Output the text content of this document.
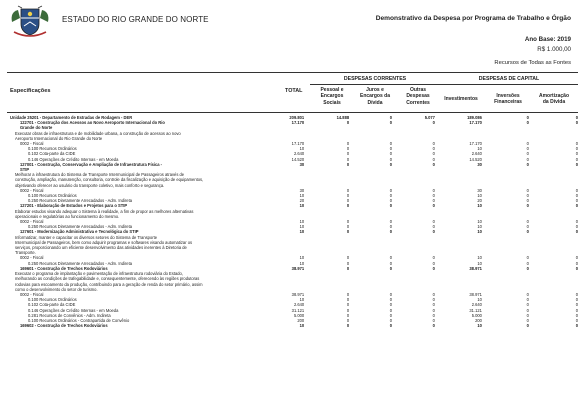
ESTADO DO RIO GRANDE DO NORTE	Demonstrativo da Despesa por Programa de Trabalho e Órgão
Ano Base: 2019
R$ 1.000,00
Recursos de Todas as Fontes
DESPESAS CORRENTES	DESPESAS DE CAPITAL
Especificações	TOTAL	Pessoal e
Encargos
Sociais
Juros e
Encargos da
Dívida
Outras
Despesas
Correntes
Investimentos	Inversões
Financeiras
Amortização
da Dívida
Unidade 25201 - Departamento de Estradas de Rodagem - DER	209.801	14.888	0	5.077	189.086	0	0
122701 - Construção dos Acessos ao Novo Aeroporto Internacional do Rio	17.170	0	0	0	17.170	0	0
Grande do Norte							
Executar obras de infraestrutura e de mobilidade urbana, a construção de acessos ao novo							
Aeroporto Internacional do Rio Grande do Norte							
0002 - Fiscal	17.170	0	0	0	17.170	0	0
0.100 Recursos Ordinários	10	0	0	0	10	0	0
0.102 Cota-parte da CIDE	2.640	0	0	0	2.640	0	0
0.146 Operações de Crédito Internas - em Moeda	14.520	0	0	0	14.520	0	0
127001 - Construção, Conservação e Ampliação de Infraestrutura Física -	30	0	0	0	30	0	0
STIP							
Melhorar a infraestrutura do Sistema de Transporte Intermunicipal de Passageiros através de							
construção, ampliação, manutenção, consultoria, controle da fiscalização e aquisição de equipamentos,							
objetivando oferecer ao usuário do transporte coletivo, mais conforto e segurança.							
0002 - Fiscal	30	0	0	0	30	0	0
0.100 Recursos Ordinários	10	0	0	0	10	0	0
0.250 Recursos Diretamente Arrecadados - Adm. Indireta	20	0	0	0	20	0	0
127201 - Elaboração de Estudos e Projetos para o STIP	10	0	0	0	10	0	0
Elaborar estudos visando adequar o Sistema à realidade, a fim de propor as melhores alternativas							
operacionais e regulatórias ao funcionamento do mesmo.							
0002 - Fiscal	10	0	0	0	10	0	0
0.250 Recursos Diretamente Arrecadados - Adm. Indireta	10	0	0	0	10	0	0
127601 - Modernização Administrativa e Tecnológica do STIP	10	0	0	0	10	0	0
Informatizar, manter e capacitar os diversos setores do Sistema de Transporte							
Intermunicipal de Passageiros, bem como adquirir programas e softwares visando automatizar os							
serviços, proporcionando um eficiente desenvolvimento das atividades inerentes à Diretoria de							
Transporte.							
0002 - Fiscal	10	0	0	0	10	0	0
0.250 Recursos Diretamente Arrecadados - Adm. Indireta	10	0	0	0	10	0	0
169601 - Construção de Trechos Rodoviários	38.971	0	0	0	38.971	0	0
Executar o programa de implantação e pavimentação de infraestrutura rodoviária do Estado,							
melhorando as condições de trafegabilidade e, consequentemente, oferecendo às regiões produtoras							
rodovias para escoamento da produção, contribuindo para a geração de renda do setor primário, assim							
como o desenvolvimento do setor de turismo.							
0002 - Fiscal	38.971	0	0	0	38.971	0	0
0.100 Recursos Ordinários	10	0	0	0	10	0	0
0.102 Cota-parte da CIDE	2.640	0	0	0	2.640	0	0
0.146 Operações de Crédito Internas - em Moeda	31.121	0	0	0	31.121	0	0
0.281 Recursos de Convênios - Adm. Indireta	5.000	0	0	0	5.000	0	0
0.100 Recursos Ordinários - Contrapartida de Convênio	200	0	0	0	200	0	0
169602 - Construção de Trechos Rodoviários	10	0	0	0	10	0	0
